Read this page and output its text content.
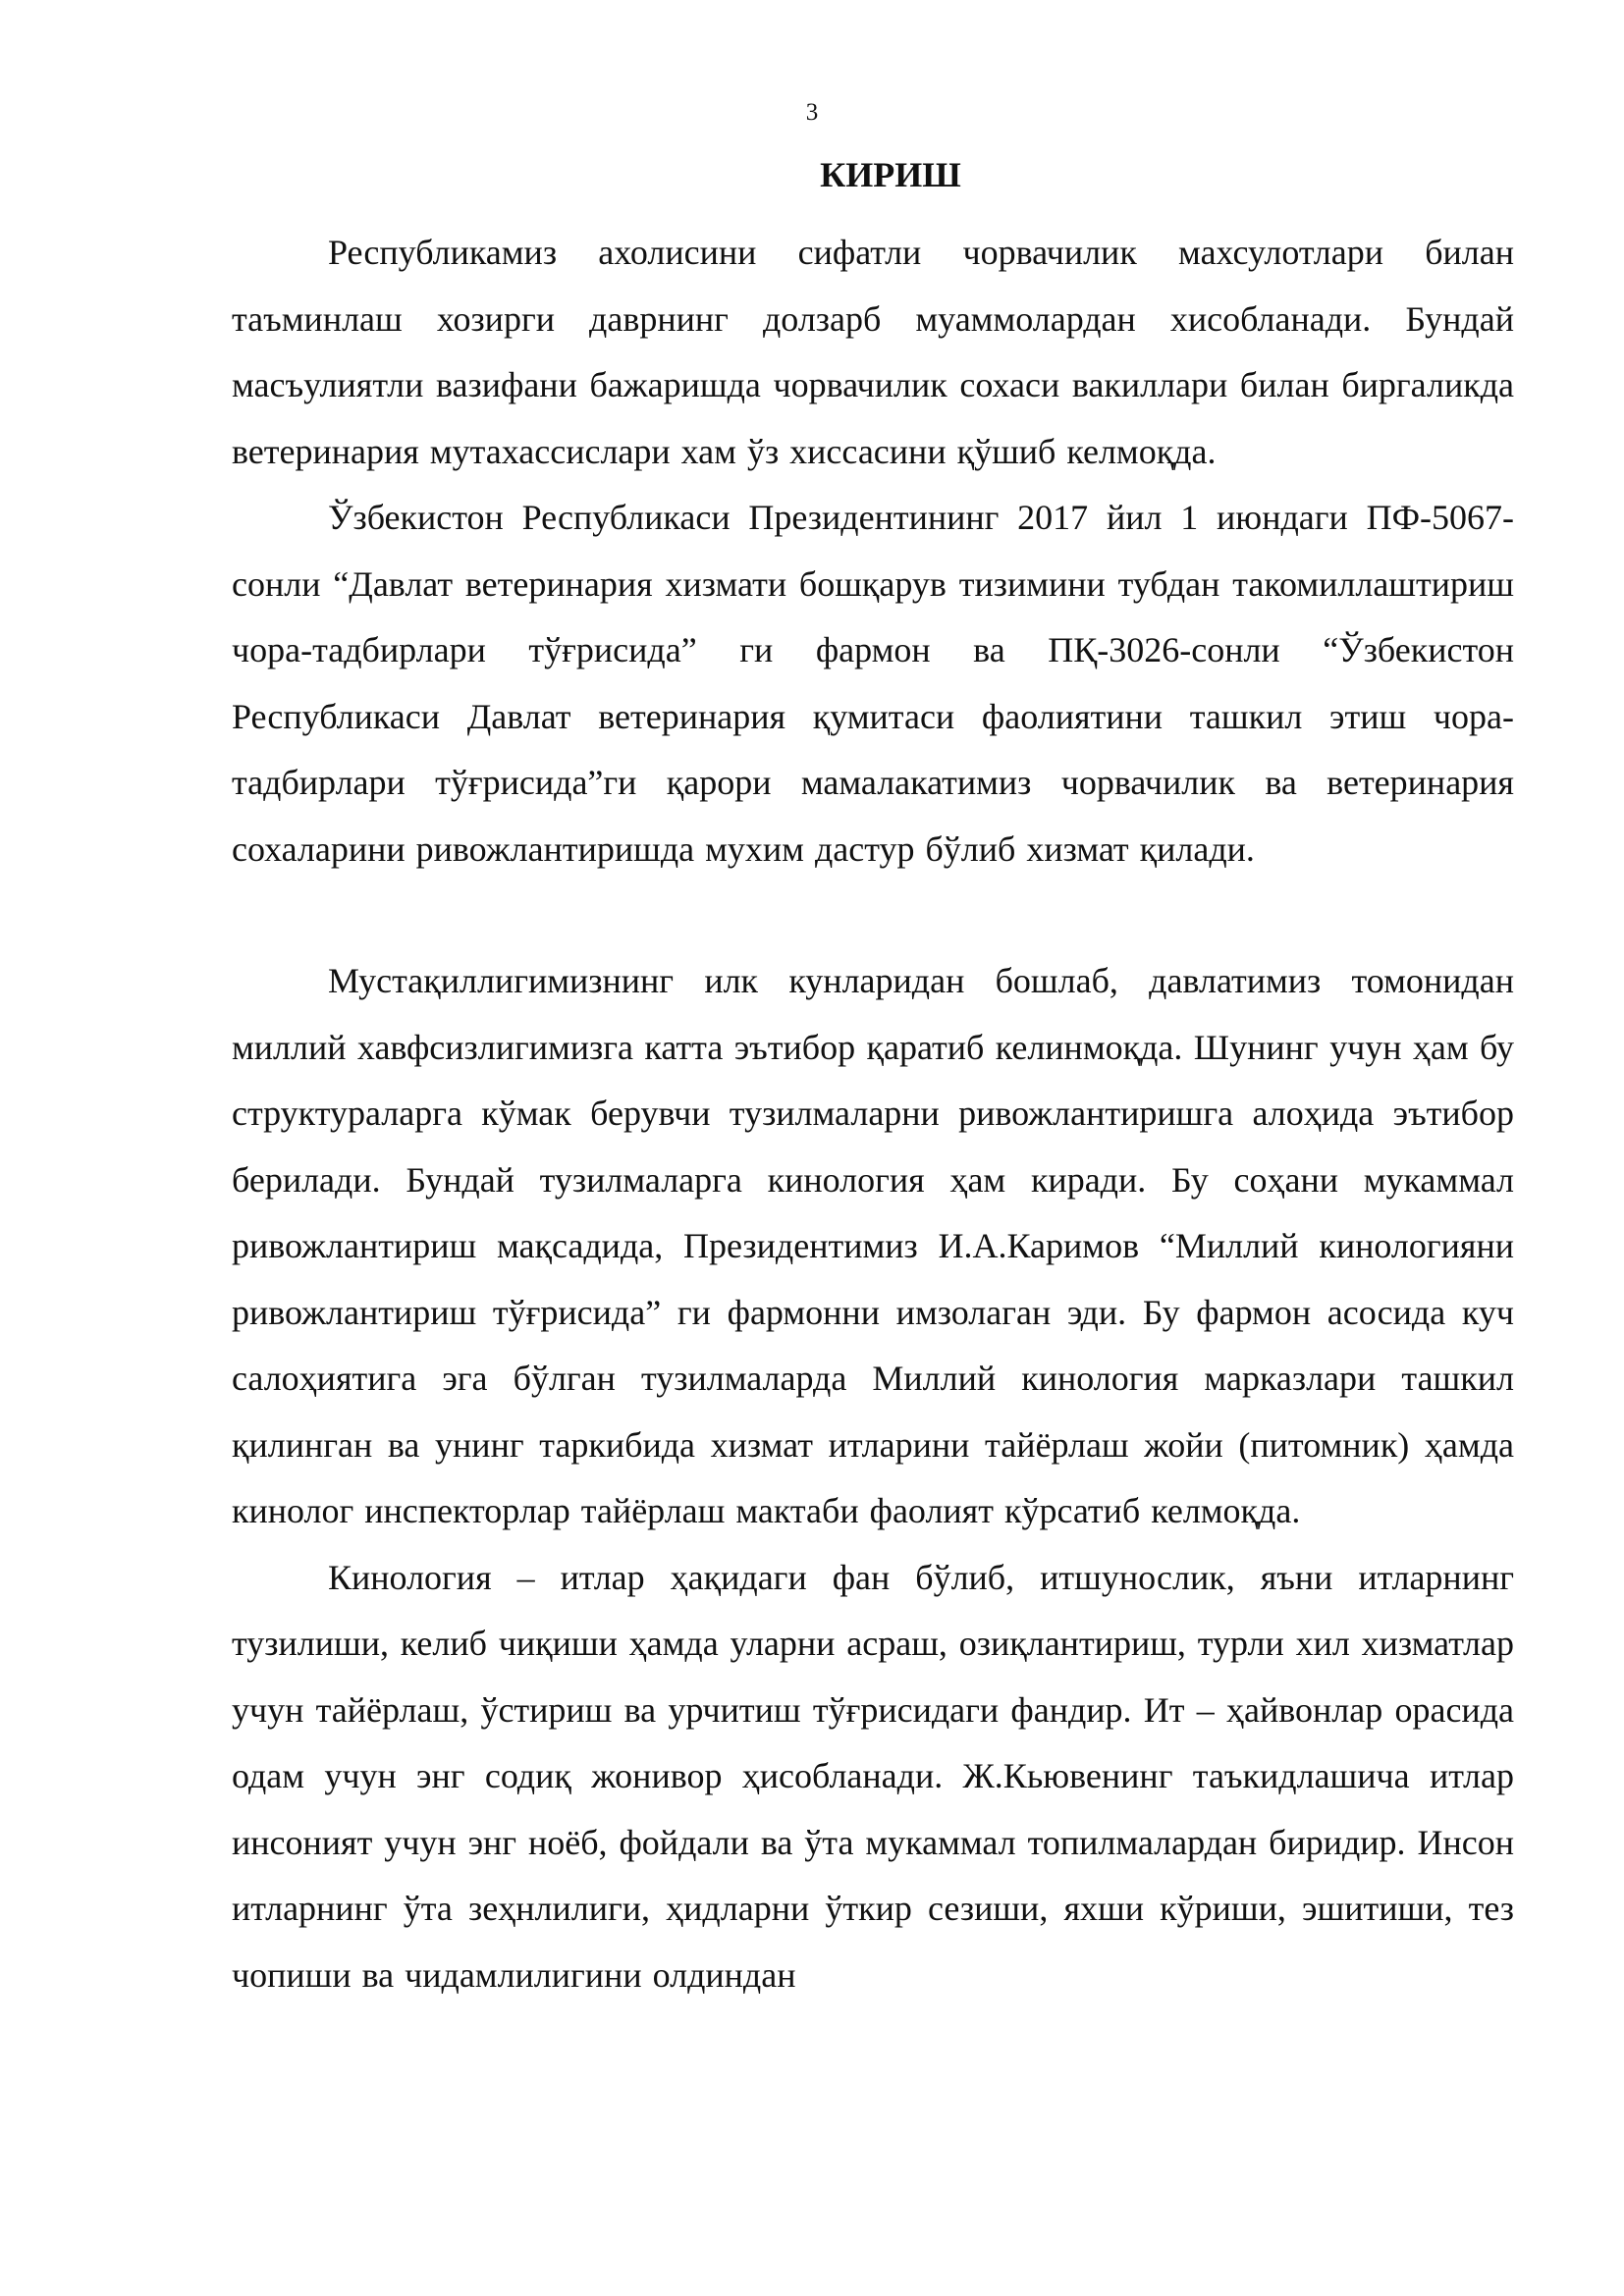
3
КИРИШ

Республикамиз ахолисини сифатли чорвачилик махсулотлари билан таъминлаш хозирги даврнинг долзарб муаммолардан хисобланади. Бундай масъулиятли вазифани бажаришда чорвачилик сохаси вакиллари билан биргаликда ветеринария мутахассислари хам ўз хиссасини қўшиб келмоқда.

Ўзбекистон Республикаси Президентининг 2017 йил 1 июндаги ПФ-5067-сонли “Давлат ветеринария хизмати бошқарув тизимини тубдан такомиллаштириш чора-тадбирлари тўғрисида” ги фармон ва ПҚ-3026-сонли “Ўзбекистон Республикаси Давлат ветеринария қумитаси фаолиятини ташкил этиш чора-тадбирлари тўғрисида”ги қарори мамалакатимиз чорвачилик ва ветеринария сохаларини ривожлантиришда мухим дастур бўлиб хизмат қилади.

Мустақиллигимизнинг илк кунларидан бошлаб, давлатимиз томонидан миллий хавфсизлигимизга катта эътибор қаратиб келинмоқда. Шунинг учун ҳам бу структураларга кўмак берувчи тузилмаларни ривожлантиришга алоҳида эътибор берилади. Бундай тузилмаларга кинология ҳам киради. Бу соҳани мукаммал ривожлантириш мақсадида, Президентимиз И.А.Каримов “Миллий кинологияни ривожлантириш тўғрисида” ги фармонни имзолаган эди. Бу фармон асосида куч салоҳиятига эга бўлган тузилмаларда Миллий кинология марказлари ташкил қилинган ва унинг таркибида хизмат итларини тайёрлаш жойи (питомник) ҳамда кинолог инспекторлар тайёрлаш мактаби фаолият кўрсатиб келмоқда.

Кинология – итлар ҳақидаги фан бўлиб, итшунослик, яъни итларнинг тузилиши, келиб чиқиши ҳамда уларни асраш, озиқлантириш, турли хил хизматлар учун тайёрлаш, ўстириш ва урчитиш тўғрисидаги фандир. Ит – ҳайвонлар орасида одам учун энг содиқ жонивор ҳисобланади. Ж.Кьювенинг таъкидлашича итлар инсоният учун энг ноёб, фойдали ва ўта мукаммал топилмалардан биридир. Инсон итларнинг ўта зеҳнлилиги, ҳидларни ўткир сезиши, яхши кўриши, эшитиши, тез чопиши ва чидамлилигини олдиндан
